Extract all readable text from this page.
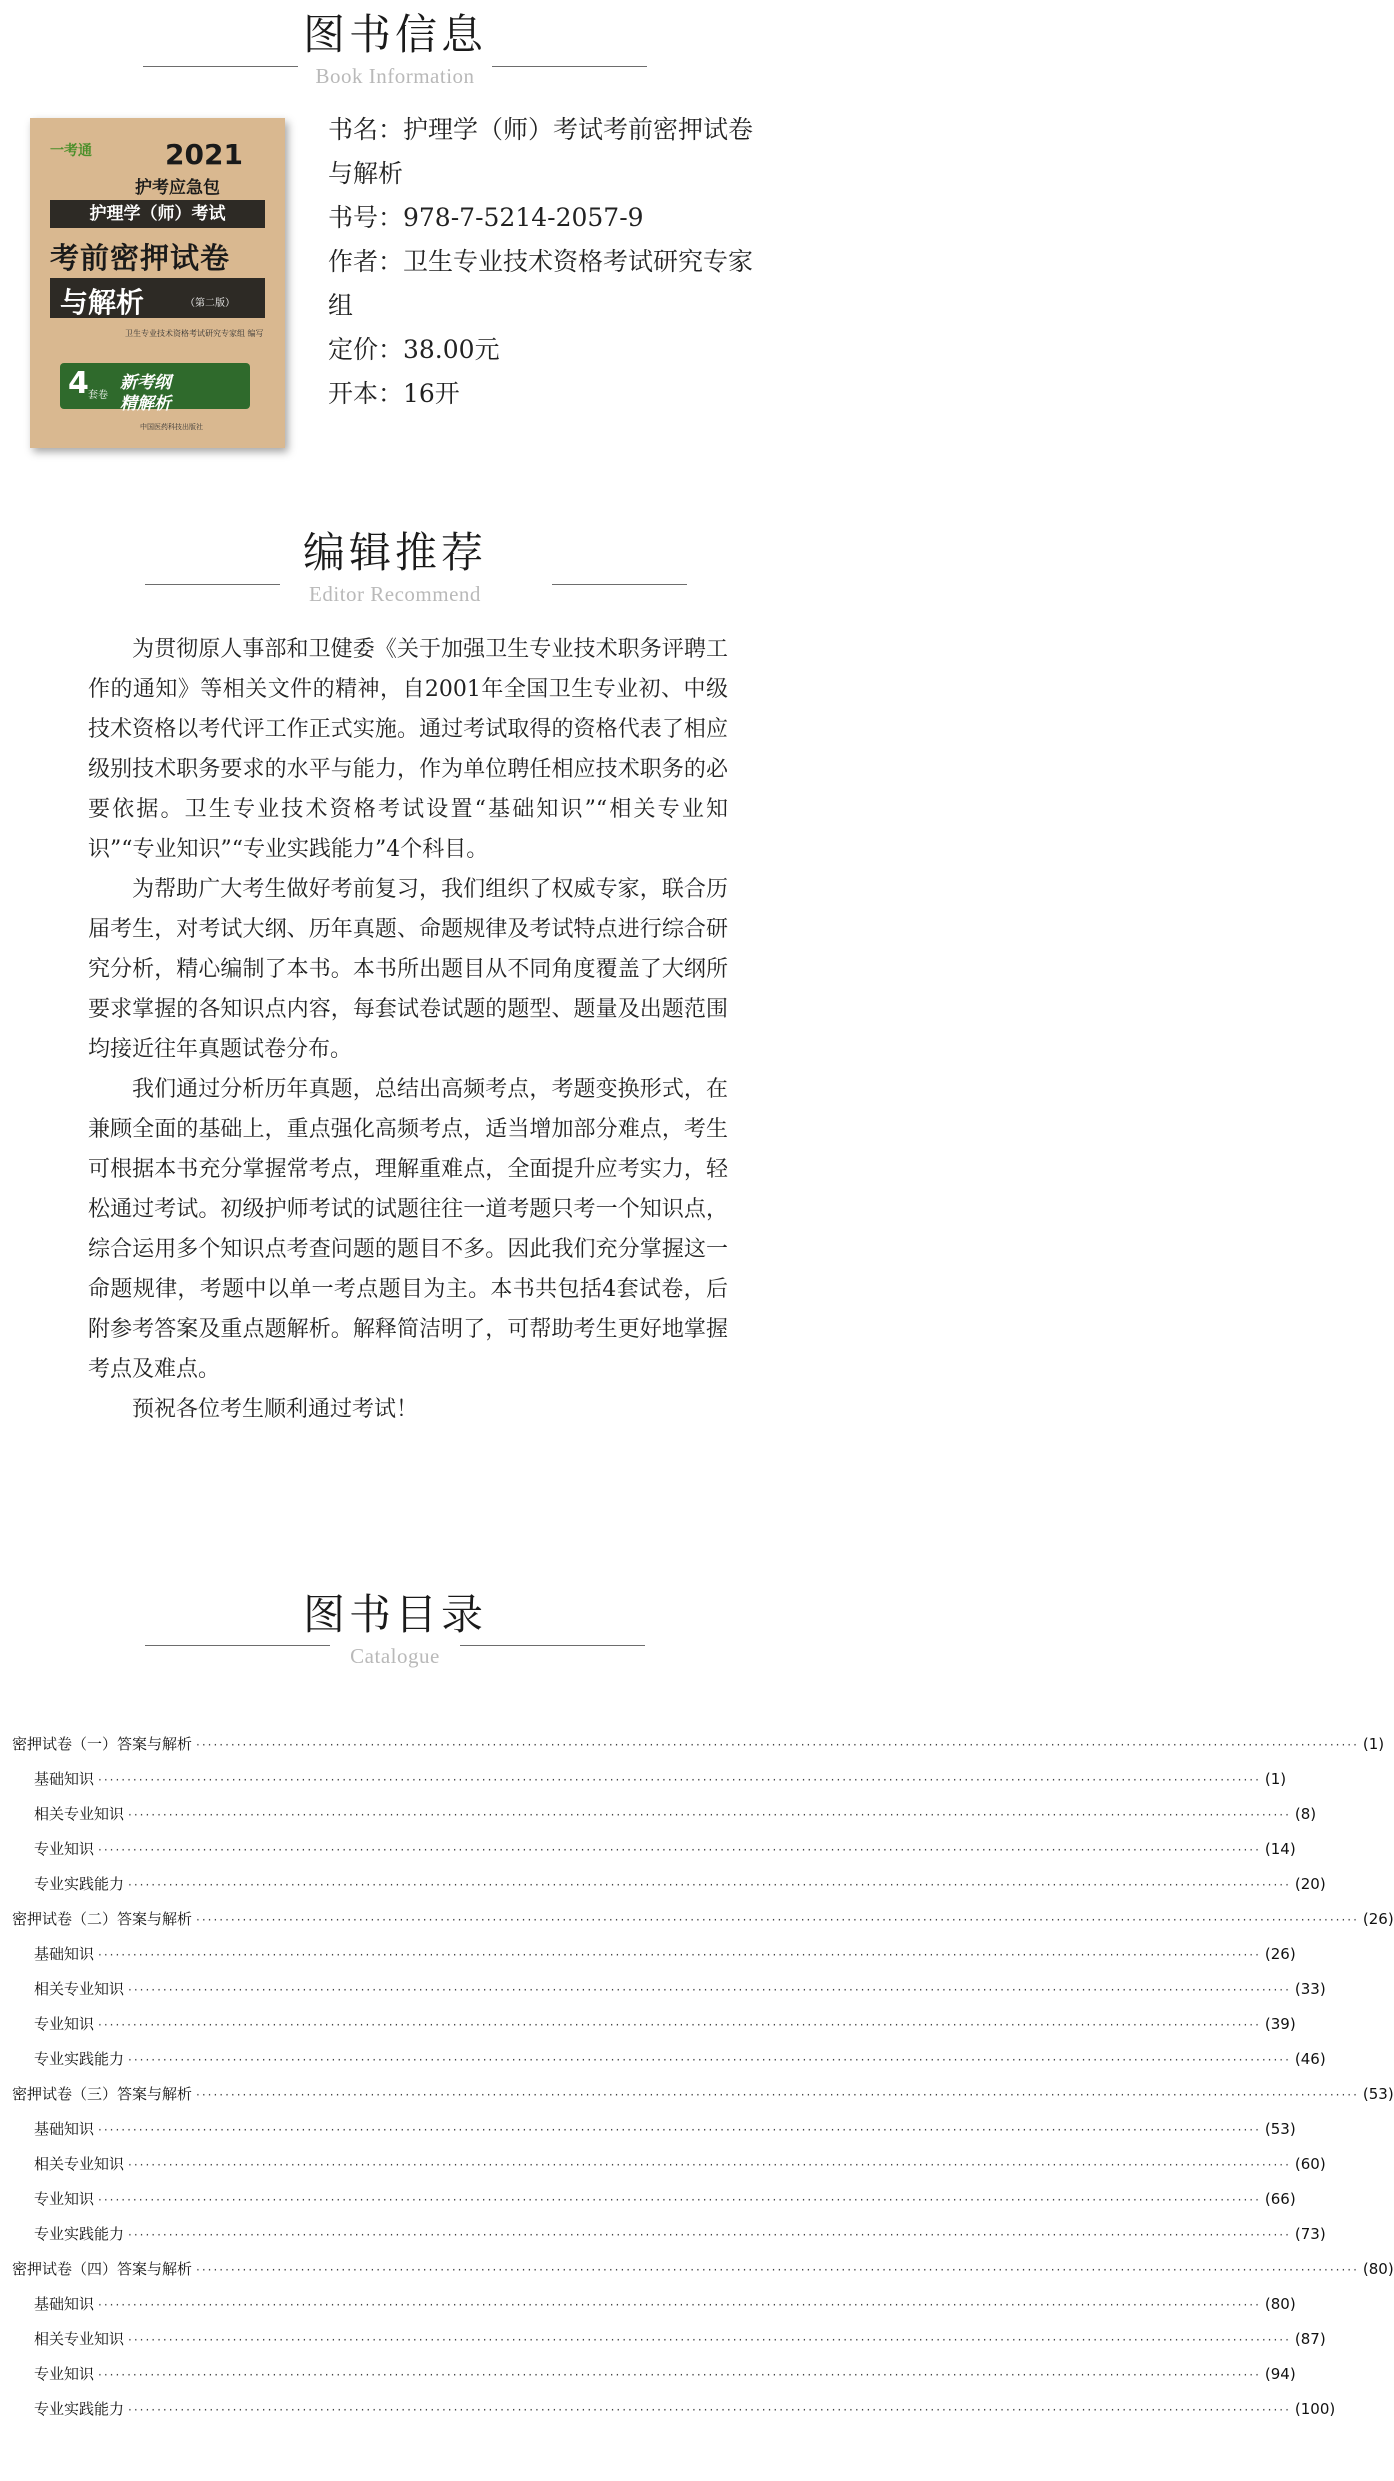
图书信息
Book Information
一考通	2021
护考应急包
护理学（师）考试
考前密押试卷
与解析	（第二版）
卫生专业技术资格考试研究专家组 编写
4 套卷
新考纲
精解析
中国医药科技出版社
书名：护理学（师）考试考前密押试卷与解析
书号：978-7-5214-2057-9
作者：卫生专业技术资格考试研究专家组
定价：38.00元
开本：16开
编辑推荐
Editor Recommend

为贯彻原人事部和卫健委《关于加强卫生专业技术职务评聘工作的通知》等相关文件的精神，自2001年全国卫生专业初、中级技术资格以考代评工作正式实施。通过考试取得的资格代表了相应级别技术职务要求的水平与能力，作为单位聘任相应技术职务的必要依据。卫生专业技术资格考试设置“基础知识”“相关专业知识”“专业知识”“专业实践能力”4个科目。

为帮助广大考生做好考前复习，我们组织了权威专家，联合历届考生，对考试大纲、历年真题、命题规律及考试特点进行综合研究分析，精心编制了本书。本书所出题目从不同角度覆盖了大纲所要求掌握的各知识点内容，每套试卷试题的题型、题量及出题范围均接近往年真题试卷分布。

我们通过分析历年真题，总结出高频考点，考题变换形式，在兼顾全面的基础上，重点强化高频考点，适当增加部分难点，考生可根据本书充分掌握常考点，理解重难点，全面提升应考实力，轻松通过考试。初级护师考试的试题往往一道考题只考一个知识点，综合运用多个知识点考查问题的题目不多。因此我们充分掌握这一命题规律，考题中以单一考点题目为主。本书共包括4套试卷，后附参考答案及重点题解析。解释简洁明了，可帮助考生更好地掌握考点及难点。

预祝各位考生顺利通过考试！

图书目录
Catalogue
密押试卷（一）答案与解析 ········································································································································································································ (1)
基础知识 ········································································································································································································ (1)
相关专业知识 ········································································································································································································ (8)
专业知识 ········································································································································································································ (14)
专业实践能力 ········································································································································································································ (20)
密押试卷（二）答案与解析 ········································································································································································································ (26)
基础知识 ········································································································································································································ (26)
相关专业知识 ········································································································································································································ (33)
专业知识 ········································································································································································································ (39)
专业实践能力 ········································································································································································································ (46)
密押试卷（三）答案与解析 ········································································································································································································ (53)
基础知识 ········································································································································································································ (53)
相关专业知识 ········································································································································································································ (60)
专业知识 ········································································································································································································ (66)
专业实践能力 ········································································································································································································ (73)
密押试卷（四）答案与解析 ········································································································································································································ (80)
基础知识 ········································································································································································································ (80)
相关专业知识 ········································································································································································································ (87)
专业知识 ········································································································································································································ (94)
专业实践能力 ········································································································································································································ (100)
